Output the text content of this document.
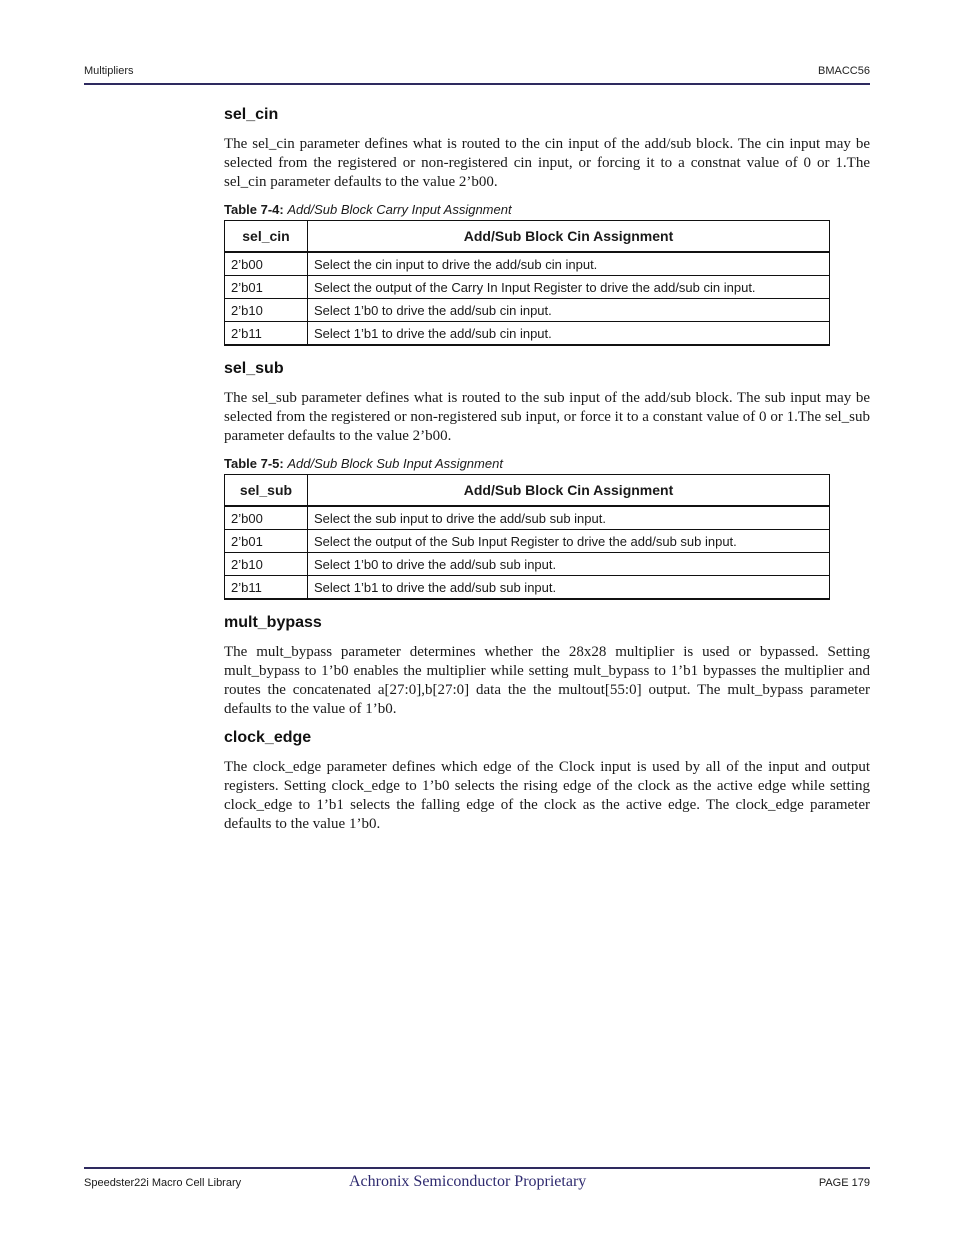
Multipliers	BMACC56
sel_cin

The sel_cin parameter defines what is routed to the cin input of the add/sub block. The cin input may be selected from the registered or non-registered cin input, or forcing it to a constnat value of 0 or 1.The sel_cin parameter defaults to the value 2’b00.

Table 7-4: Add/Sub Block Carry Input Assignment
sel_cin	Add/Sub Block Cin Assignment
2’b00	Select the cin input to drive the add/sub cin input.
2’b01	Select the output of the Carry In Input Register to drive the add/sub cin input.
2’b10	Select 1’b0 to drive the add/sub cin input.
2’b11	Select 1’b1 to drive the add/sub cin input.
sel_sub

The sel_sub parameter defines what is routed to the sub input of the add/sub block. The sub input may be selected from the registered or non-registered sub input, or force it to a constant value of 0 or 1.The sel_sub parameter defaults to the value 2’b00.

Table 7-5: Add/Sub Block Sub Input Assignment
sel_sub	Add/Sub Block Cin Assignment
2’b00	Select the sub input to drive the add/sub sub input.
2’b01	Select the output of the Sub Input Register to drive the add/sub sub input.
2’b10	Select 1’b0 to drive the add/sub sub input.
2’b11	Select 1’b1 to drive the add/sub sub input.
mult_bypass

The mult_bypass parameter determines whether the 28x28 multiplier is used or bypassed. Setting mult_bypass to 1’b0 enables the multiplier while setting mult_bypass to 1’b1 bypasses the multiplier and routes the concatenated a[27:0],b[27:0] data the the multout[55:0] output. The mult_bypass parameter defaults to the value of 1’b0.

clock_edge

The clock_edge parameter defines which edge of the Clock input is used by all of the input and output registers. Setting clock_edge to 1’b0 selects the rising edge of the clock as the active edge while setting clock_edge to 1’b1 selects the falling edge of the clock as the active edge. The clock_edge parameter defaults to the value 1’b0.

Speedster22i Macro Cell Library	Achronix Semiconductor Proprietary	PAGE 179
